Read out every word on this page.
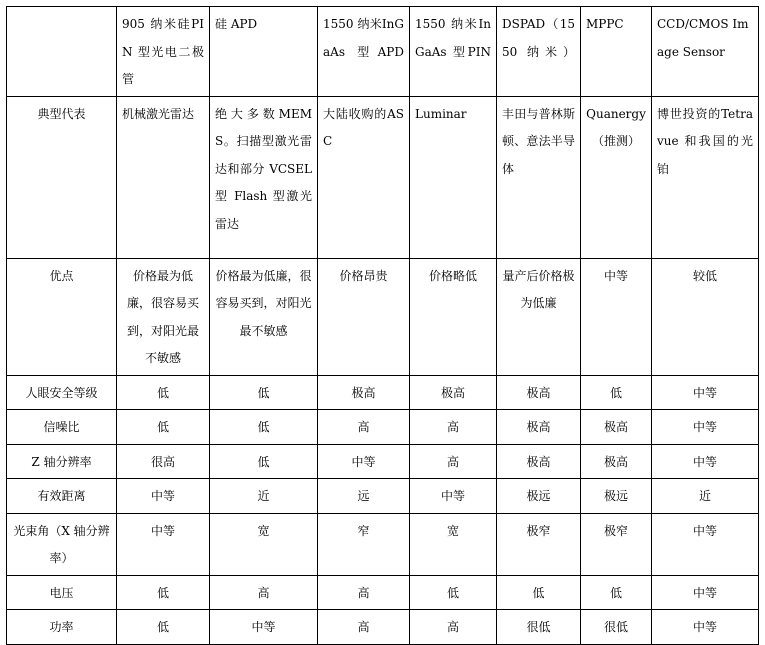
	905 纳米硅PIN 型光电二极管	硅 APD	1550 纳米InGaAs 型APD	1550 纳米InGaAs 型PIN	DSPAD（1550 纳米）	MPPC	CCD/CMOS Image Sensor
典型代表	机械激光雷达	绝大多数MEMS。扫描型激光雷达和部分 VCSEL型 Flash 型激光雷达	大陆收购的ASC	Luminar	丰田与普林斯顿、意法半导体	Quanergy（推测）	博世投资的Tetravue 和我国的光铂
优点	价格最为低廉，很容易买到，对阳光最不敏感	价格最为低廉，很容易买到，对阳光最不敏感	价格昂贵	价格略低	量产后价格极为低廉	中等	较低
人眼安全等级	低	低	极高	极高	极高	低	中等
信噪比	低	低	高	高	极高	极高	中等
Z 轴分辨率	很高	低	中等	高	极高	极高	中等
有效距离	中等	近	远	中等	极远	极远	近
光束角（X 轴分辨率）	中等	宽	窄	宽	极窄	极窄	中等
电压	低	高	高	低	低	低	中等
功率	低	中等	高	高	很低	很低	中等
